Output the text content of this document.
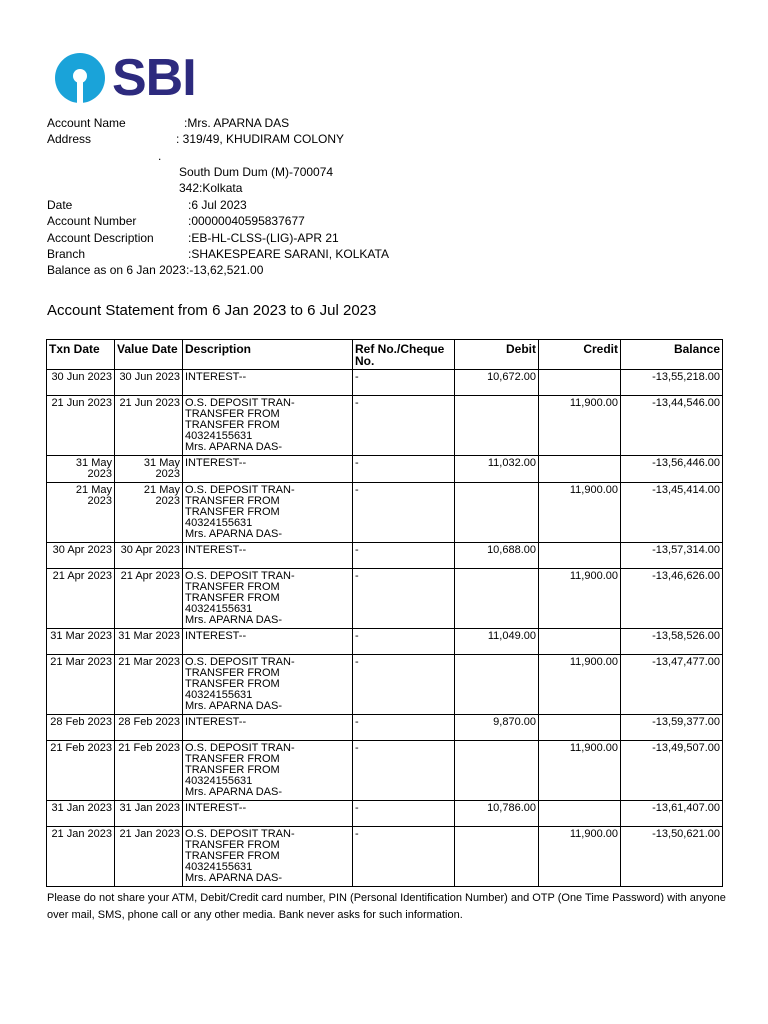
SBI
Account Name	:Mrs. APARNA DAS
Address	: 319/49, KHUDIRAM COLONY
.
South Dum Dum (M)-700074
342:Kolkata
Date	:6 Jul 2023
Account Number	:00000040595837677
Account Description	:EB-HL-CLSS-(LIG)-APR 21
Branch	:SHAKESPEARE SARANI, KOLKATA
Balance as on 6 Jan 2023 :-13,62,521.00
Account Statement from 6 Jan 2023 to 6 Jul 2023
Txn Date	Value Date	Description	Ref No./Cheque No.	Debit	Credit	Balance
30 Jun 2023	30 Jun 2023	INTEREST--	-	10,672.00		-13,55,218.00
21 Jun 2023	21 Jun 2023	O.S. DEPOSIT TRAN-
TRANSFER FROM
TRANSFER FROM
40324155631
Mrs. APARNA DAS-	-		11,900.00	-13,44,546.00
31 May 2023	31 May 2023	INTEREST--	-	11,032.00		-13,56,446.00
21 May 2023	21 May 2023	O.S. DEPOSIT TRAN-
TRANSFER FROM
TRANSFER FROM
40324155631
Mrs. APARNA DAS-	-		11,900.00	-13,45,414.00
30 Apr 2023	30 Apr 2023	INTEREST--	-	10,688.00		-13,57,314.00
21 Apr 2023	21 Apr 2023	O.S. DEPOSIT TRAN-
TRANSFER FROM
TRANSFER FROM
40324155631
Mrs. APARNA DAS-	-		11,900.00	-13,46,626.00
31 Mar 2023	31 Mar 2023	INTEREST--	-	11,049.00		-13,58,526.00
21 Mar 2023	21 Mar 2023	O.S. DEPOSIT TRAN-
TRANSFER FROM
TRANSFER FROM
40324155631
Mrs. APARNA DAS-	-		11,900.00	-13,47,477.00
28 Feb 2023	28 Feb 2023	INTEREST--	-	9,870.00		-13,59,377.00
21 Feb 2023	21 Feb 2023	O.S. DEPOSIT TRAN-
TRANSFER FROM
TRANSFER FROM
40324155631
Mrs. APARNA DAS-	-		11,900.00	-13,49,507.00
31 Jan 2023	31 Jan 2023	INTEREST--	-	10,786.00		-13,61,407.00
21 Jan 2023	21 Jan 2023	O.S. DEPOSIT TRAN-
TRANSFER FROM
TRANSFER FROM
40324155631
Mrs. APARNA DAS-	-		11,900.00	-13,50,621.00
Please do not share your ATM, Debit/Credit card number, PIN (Personal Identification Number) and OTP (One Time Password) with anyone over mail, SMS, phone call or any other media. Bank never asks for such information.
